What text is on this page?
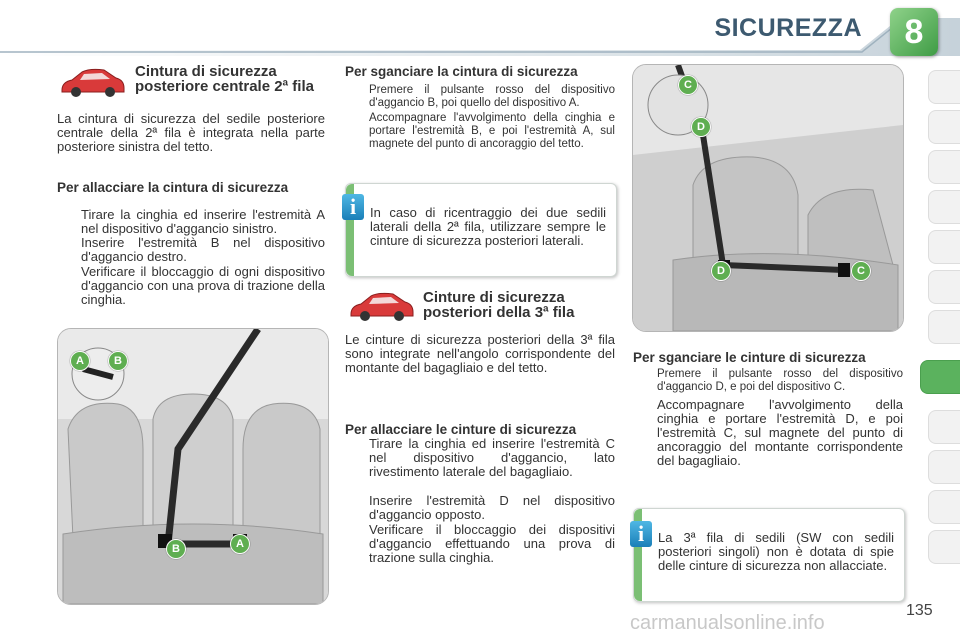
SICUREZZA	8
Cintura di sicurezza posteriore centrale 2ª fila
La cintura di sicurezza del sedile posteriore centrale della 2ª fila è integrata nella parte posteriore sinistra del tetto.
Per allacciare la cintura di sicurezza
Tirare la cinghia ed inserire l'estremità A nel dispositivo d'aggancio sinistro.
Inserire l'estremità B nel dispositivo d'aggancio destro.
Verificare il bloccaggio di ogni dispositivo d'aggancio con una prova di trazione della cinghia.
A	B
B	A
Per sganciare la cintura di sicurezza
Premere il pulsante rosso del dispositivo d'aggancio B, poi quello del dispositivo A.
Accompagnare l'avvolgimento della cinghia e portare l'estremità B, e poi l'estremità A, sul magnete del punto di ancoraggio del tetto.
i	In caso di ricentraggio dei due sedili laterali della 2ª fila, utilizzare sempre le cinture di sicurezza posteriori laterali.
Cinture di sicurezza posteriori della 3ª fila
Le cinture di sicurezza posteriori della 3ª fila sono integrate nell'angolo corrispondente del montante del bagagliaio e del tetto.
Per allacciare le cinture di sicurezza
Tirare la cinghia ed inserire l'estremità C nel dispositivo d'aggancio, lato rivestimento laterale del bagagliaio.
Inserire l'estremità D nel dispositivo d'aggancio opposto.
Verificare il bloccaggio dei dispositivi d'aggancio effettuando una prova di trazione sulla cinghia.
C
D
D	C
Per sganciare le cinture di sicurezza
Premere il pulsante rosso del dispositivo d'aggancio D, e poi del dispositivo C.
Accompagnare l'avvolgimento della cinghia e portare l'estremità D, e poi l'estremità C, sul magnete del punto di ancoraggio del montante corrispondente del bagagliaio.
i	La 3ª fila di sedili (SW con sedili posteriori singoli) non è dotata di spie delle cinture di sicurezza non allacciate.
135
carmanualsonline.info
